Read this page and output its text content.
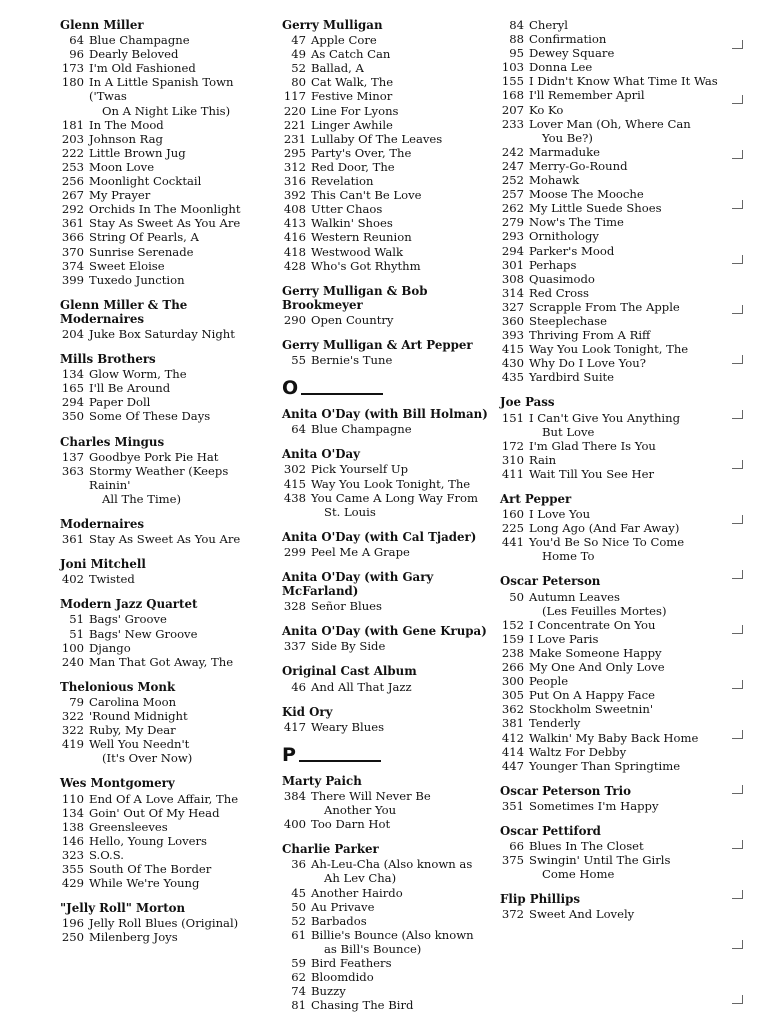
Glenn Miller
64 Blue Champagne
96 Dearly Beloved
173 I'm Old Fashioned
180 In A Little Spanish Town ('Twas
On A Night Like This)
181 In The Mood
203 Johnson Rag
222 Little Brown Jug
253 Moon Love
256 Moonlight Cocktail
267 My Prayer
292 Orchids In The Moonlight
361 Stay As Sweet As You Are
366 String Of Pearls, A
370 Sunrise Serenade
374 Sweet Eloise
399 Tuxedo Junction
Glenn Miller & The Modernaires
204 Juke Box Saturday Night
Mills Brothers
134 Glow Worm, The
165 I'll Be Around
294 Paper Doll
350 Some Of These Days
Charles Mingus
137 Goodbye Pork Pie Hat
363 Stormy Weather (Keeps Rainin'
All The Time)
Modernaires
361 Stay As Sweet As You Are
Joni Mitchell
402 Twisted
Modern Jazz Quartet
51 Bags' Groove
51 Bags' New Groove
100 Django
240 Man That Got Away, The
Thelonious Monk
79 Carolina Moon
322 'Round Midnight
322 Ruby, My Dear
419 Well You Needn't
(It's Over Now)
Wes Montgomery
110 End Of A Love Affair, The
134 Goin' Out Of My Head
138 Greensleeves
146 Hello, Young Lovers
323 S.O.S.
355 South Of The Border
429 While We're Young
"Jelly Roll" Morton
196 Jelly Roll Blues (Original)
250 Milenberg Joys
Gerry Mulligan
47 Apple Core
49 As Catch Can
52 Ballad, A
80 Cat Walk, The
117 Festive Minor
220 Line For Lyons
221 Linger Awhile
231 Lullaby Of The Leaves
295 Party's Over, The
312 Red Door, The
316 Revelation
392 This Can't Be Love
408 Utter Chaos
413 Walkin' Shoes
416 Western Reunion
418 Westwood Walk
428 Who's Got Rhythm
Gerry Mulligan & Bob Brookmeyer
290 Open Country
Gerry Mulligan & Art Pepper
55 Bernie's Tune
O
Anita O'Day (with Bill Holman)
64 Blue Champagne
Anita O'Day
302 Pick Yourself Up
415 Way You Look Tonight, The
438 You Came A Long Way From
St. Louis
Anita O'Day (with Cal Tjader)
299 Peel Me A Grape
Anita O'Day (with Gary McFarland)
328 Señor Blues
Anita O'Day (with Gene Krupa)
337 Side By Side
Original Cast Album
46 And All That Jazz
Kid Ory
417 Weary Blues
P
Marty Paich
384 There Will Never Be
Another You
400 Too Darn Hot
Charlie Parker
36 Ah-Leu-Cha (Also known as
Ah Lev Cha)
45 Another Hairdo
50 Au Privave
52 Barbados
61 Billie's Bounce (Also known
as Bill's Bounce)
59 Bird Feathers
62 Bloomdido
74 Buzzy
81 Chasing The Bird
84 Cheryl
88 Confirmation
95 Dewey Square
103 Donna Lee
155 I Didn't Know What Time It Was
168 I'll Remember April
207 Ko Ko
233 Lover Man (Oh, Where Can
You Be?)
242 Marmaduke
247 Merry-Go-Round
252 Mohawk
257 Moose The Mooche
262 My Little Suede Shoes
279 Now's The Time
293 Ornithology
294 Parker's Mood
301 Perhaps
308 Quasimodo
314 Red Cross
327 Scrapple From The Apple
360 Steeplechase
393 Thriving From A Riff
415 Way You Look Tonight, The
430 Why Do I Love You?
435 Yardbird Suite
Joe Pass
151 I Can't Give You Anything
But Love
172 I'm Glad There Is You
310 Rain
411 Wait Till You See Her
Art Pepper
160 I Love You
225 Long Ago (And Far Away)
441 You'd Be So Nice To Come
Home To
Oscar Peterson
50 Autumn Leaves
(Les Feuilles Mortes)
152 I Concentrate On You
159 I Love Paris
238 Make Someone Happy
266 My One And Only Love
300 People
305 Put On A Happy Face
362 Stockholm Sweetnin'
381 Tenderly
412 Walkin' My Baby Back Home
414 Waltz For Debby
447 Younger Than Springtime
Oscar Peterson Trio
351 Sometimes I'm Happy
Oscar Pettiford
66 Blues In The Closet
375 Swingin' Until The Girls
Come Home
Flip Phillips
372 Sweet And Lovely
